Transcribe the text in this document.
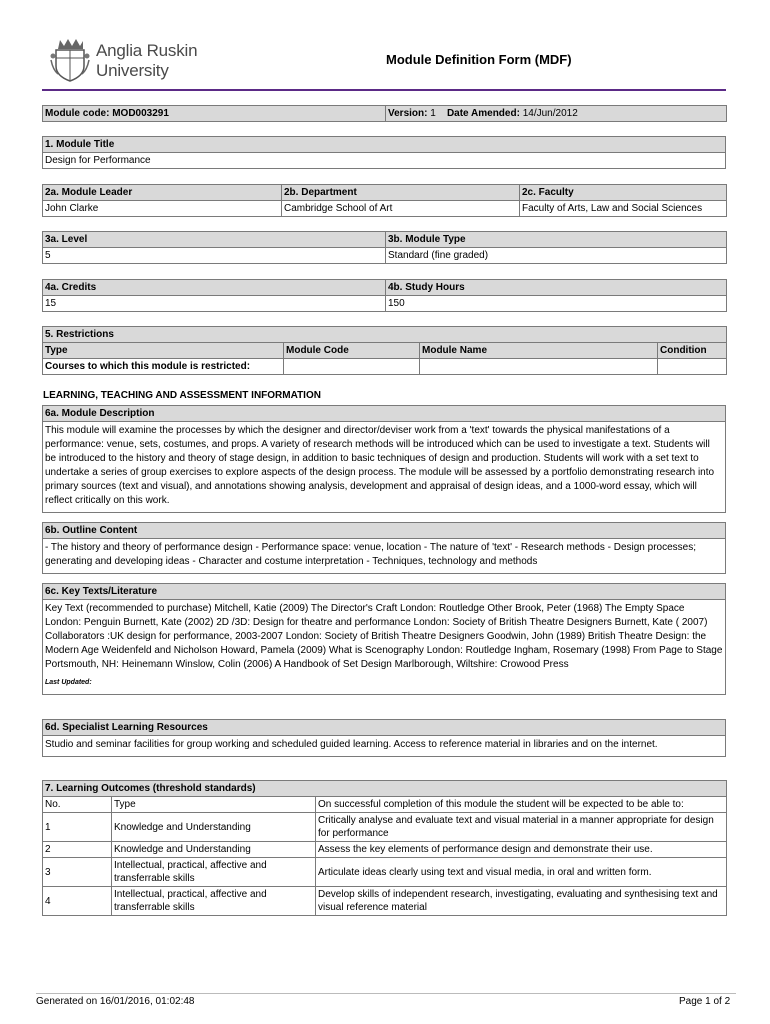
Anglia Ruskin
University
Module Definition Form (MDF)
Module code: MOD003291	Version: 1 Date Amended: 14/Jun/2012
1. Module Title
Design for Performance
2a. Module Leader	2b. Department	2c. Faculty
John Clarke	Cambridge School of Art	Faculty of Arts, Law and Social Sciences
3a. Level	3b. Module Type
5	Standard (fine graded)
4a. Credits	4b. Study Hours
15	150
5. Restrictions			
Type	Module Code	Module Name	Condition
Courses to which this module is restricted:			
LEARNING, TEACHING AND ASSESSMENT INFORMATION
6a. Module Description
This module will examine the processes by which the designer and director/deviser work from a 'text' towards the physical manifestations of a performance: venue, sets, costumes, and props. A variety of research methods will be introduced which can be used to investigate a text. Students will be introduced to the history and theory of stage design, in addition to basic techniques of design and production. Students will work with a set text to undertake a series of group exercises to explore aspects of the design process. The module will be assessed by a portfolio demonstrating research into primary sources (text and visual), and annotations showing analysis, development and appraisal of design ideas, and a 1000-word essay, which will reflect critically on this work.
6b. Outline Content
- The history and theory of performance design - Performance space: venue, location - The nature of 'text' - Research methods - Design processes; generating and developing ideas - Character and costume interpretation - Techniques, technology and methods
6c. Key Texts/Literature

Key Text (recommended to purchase) Mitchell, Katie (2009) The Director's Craft London: Routledge Other Brook, Peter (1968) The Empty Space London: Penguin Burnett, Kate (2002) 2D /3D: Design for theatre and performance London: Society of British Theatre Designers Burnett, Kate ( 2007) Collaborators :UK design for performance, 2003-2007 London: Society of British Theatre Designers Goodwin, John (1989) British Theatre Design: the Modern Age Weidenfeld and Nicholson Howard, Pamela (2009) What is Scenography London: Routledge Ingham, Rosemary (1998) From Page to Stage Portsmouth, NH: Heinemann Winslow, Colin (2006) A Handbook of Set Design Marlborough, Wiltshire: Crowood Press
Last Updated:
6d. Specialist Learning Resources
Studio and seminar facilities for group working and scheduled guided learning. Access to reference material in libraries and on the internet.
7. Learning Outcomes (threshold standards)		
No.	Type	On successful completion of this module the student will be expected to be able to:
1	Knowledge and Understanding	Critically analyse and evaluate text and visual material in a manner appropriate for design for performance
2	Knowledge and Understanding	Assess the key elements of performance design and demonstrate their use.
3	Intellectual, practical, affective and transferrable skills	Articulate ideas clearly using text and visual media, in oral and written form.
4	Intellectual, practical, affective and transferrable skills	Develop skills of independent research, investigating, evaluating and synthesising text and visual reference material
Generated on 16/01/2016, 01:02:48	Page 1 of 2
